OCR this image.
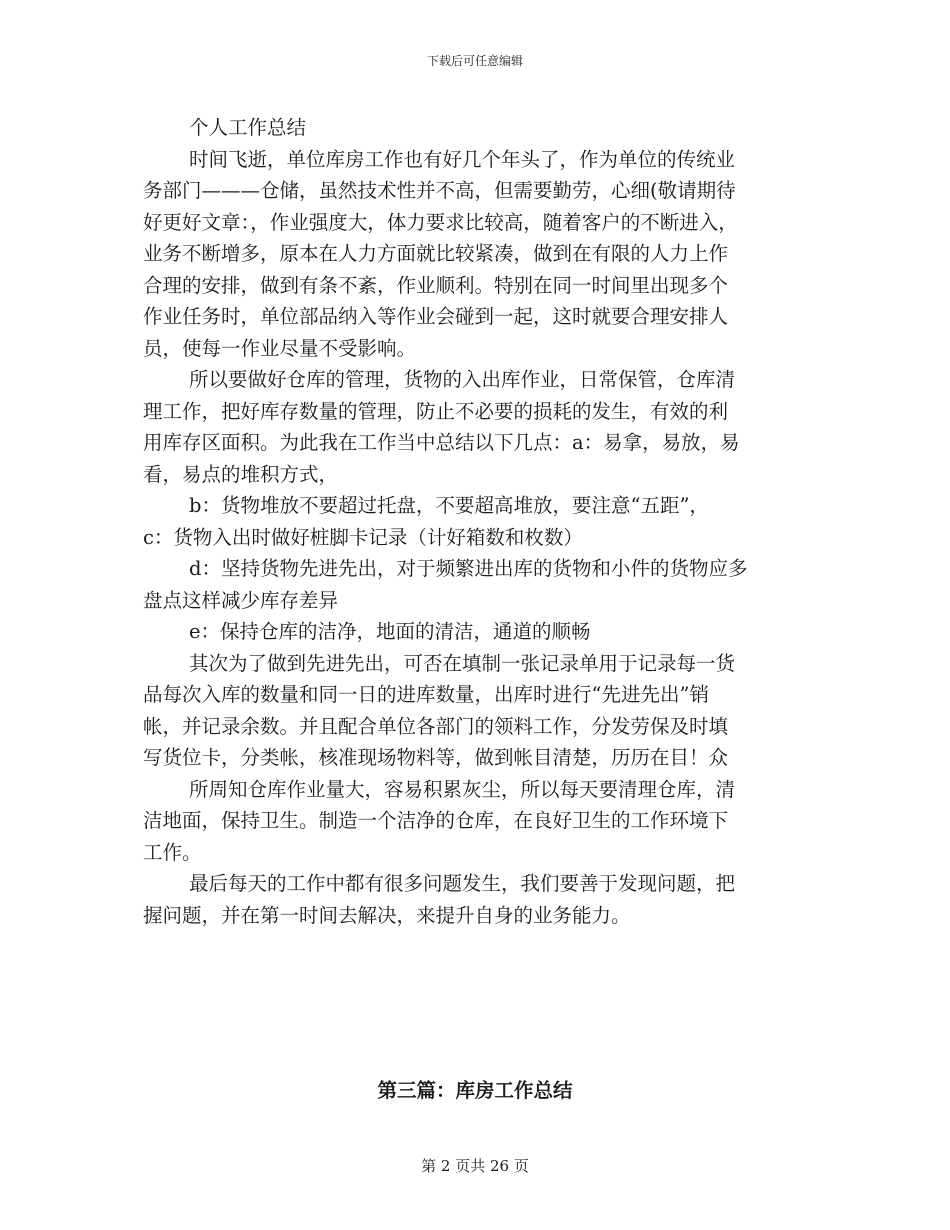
下载后可任意编辑

个人工作总结

时间飞逝，单位库房工作也有好几个年头了，作为单位的传统业

务部门———仓储，虽然技术性并不高，但需要勤劳，心细(敬请期待

好更好文章：，作业强度大，体力要求比较高，随着客户的不断进入，

业务不断增多，原本在人力方面就比较紧凑，做到在有限的人力上作

合理的安排，做到有条不紊，作业顺利。特别在同一时间里出现多个

作业任务时，单位部品纳入等作业会碰到一起，这时就要合理安排人

员，使每一作业尽量不受影响。

所以要做好仓库的管理，货物的入出库作业，日常保管，仓库清

理工作，把好库存数量的管理，防止不必要的损耗的发生，有效的利

用库存区面积。为此我在工作当中总结以下几点：a：易拿，易放，易

看，易点的堆积方式，

b：货物堆放不要超过托盘，不要超高堆放，要注意“五距”，

c：货物入出时做好桩脚卡记录（计好箱数和枚数）

d：坚持货物先进先出，对于频繁进出库的货物和小件的货物应多

盘点这样减少库存差异

e：保持仓库的洁净，地面的清洁，通道的顺畅

其次为了做到先进先出，可否在填制一张记录单用于记录每一货

品每次入库的数量和同一日的进库数量，出库时进行“先进先出”销

帐，并记录余数。并且配合单位各部门的领料工作，分发劳保及时填

写货位卡，分类帐，核准现场物料等，做到帐目清楚，历历在目！众

所周知仓库作业量大，容易积累灰尘，所以每天要清理仓库，清

洁地面，保持卫生。制造一个洁净的仓库，在良好卫生的工作环境下

工作。

最后每天的工作中都有很多问题发生，我们要善于发现问题，把

握问题，并在第一时间去解决，来提升自身的业务能力。

第三篇：库房工作总结
第 2 页共 26 页
